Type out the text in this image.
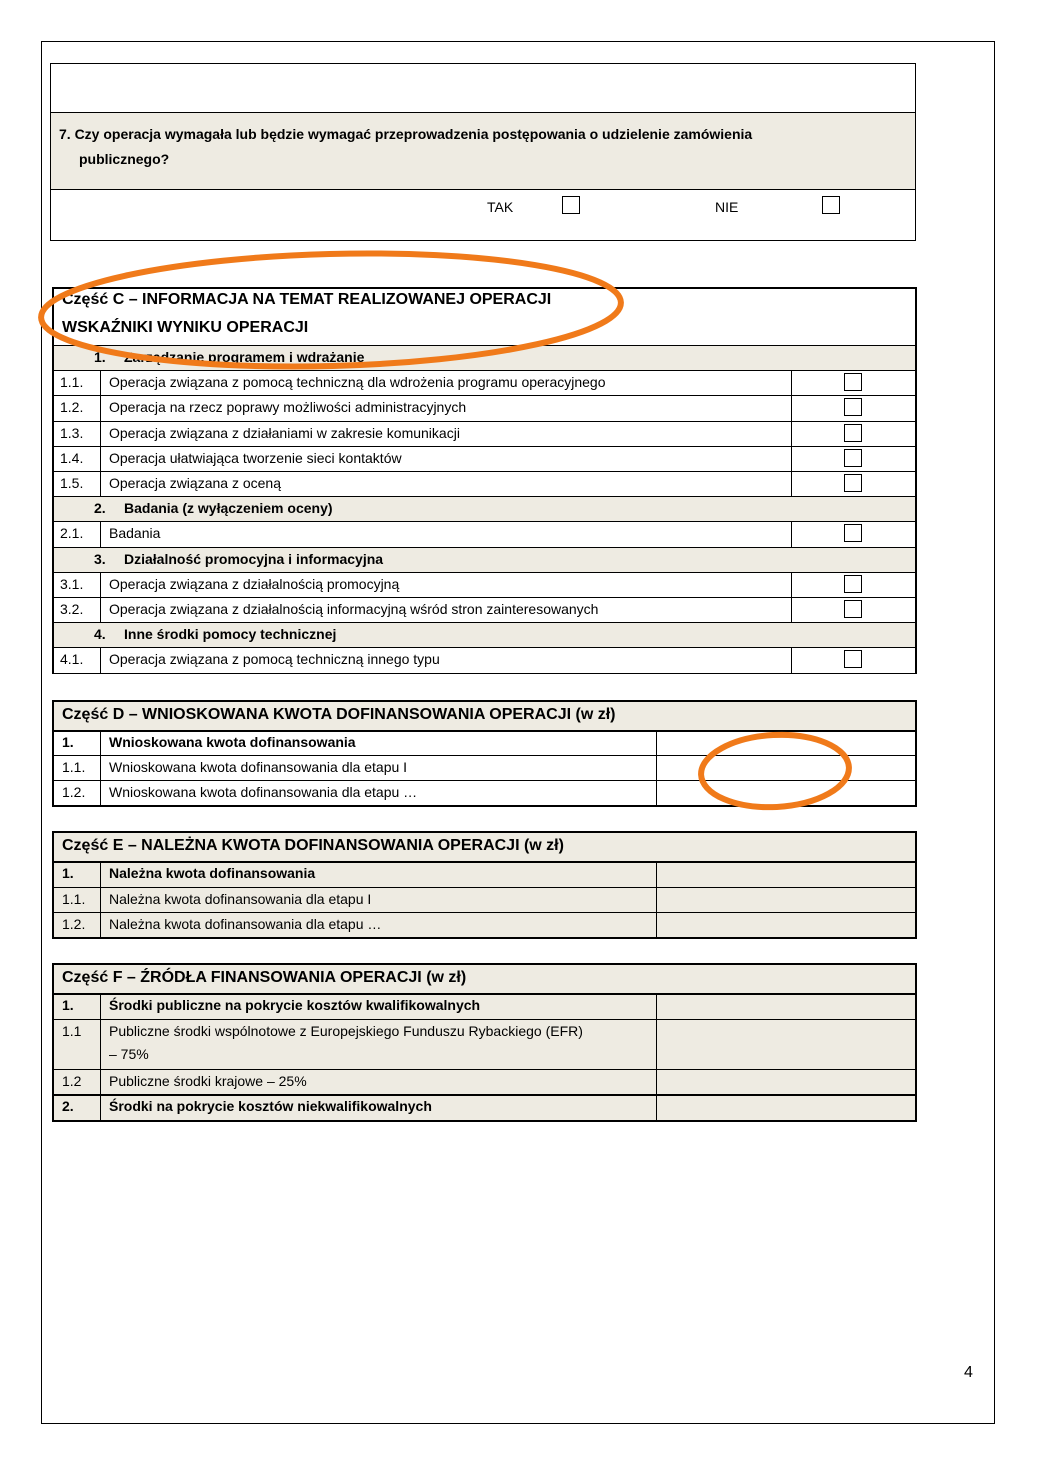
7. Czy operacja wymagała lub będzie wymagać przeprowadzenia postępowania o udzielenie zamówienia
publicznego?
TAK	NIE
Część C – INFORMACJA NA TEMAT REALIZOWANEJ OPERACJI
WSKAŹNIKI WYNIKU OPERACJI
1. Zarządzanie programem i wdrażanie
1.1. Operacja związana z pomocą techniczną dla wdrożenia programu operacyjnego
1.2. Operacja na rzecz poprawy możliwości administracyjnych
1.3. Operacja związana z działaniami w zakresie komunikacji
1.4. Operacja ułatwiająca tworzenie sieci kontaktów
1.5. Operacja związana z oceną
2. Badania (z wyłączeniem oceny)
2.1. Badania
3. Działalność promocyjna i informacyjna
3.1. Operacja związana z działalnością promocyjną
3.2. Operacja związana z działalnością informacyjną wśród stron zainteresowanych
4. Inne środki pomocy technicznej
4.1. Operacja związana z pomocą techniczną innego typu
Część D – WNIOSKOWANA KWOTA DOFINANSOWANIA OPERACJI (w zł)
1.	Wnioskowana kwota dofinansowania
1.1. Wnioskowana kwota dofinansowania dla etapu I
1.2. Wnioskowana kwota dofinansowania dla etapu …
Część E – NALEŻNA KWOTA DOFINANSOWANIA OPERACJI (w zł)
1.	Należna kwota dofinansowania
1.1. Należna kwota dofinansowania dla etapu I
1.2. Należna kwota dofinansowania dla etapu …
Część F – ŹRÓDŁA FINANSOWANIA OPERACJI (w zł)
1.	Środki publiczne na pokrycie kosztów kwalifikowalnych
1.1 Publiczne środki wspólnotowe z Europejskiego Funduszu Rybackiego (EFR)
– 75%
1.2 Publiczne środki krajowe – 25%
2.	Środki na pokrycie kosztów niekwalifikowalnych
4
